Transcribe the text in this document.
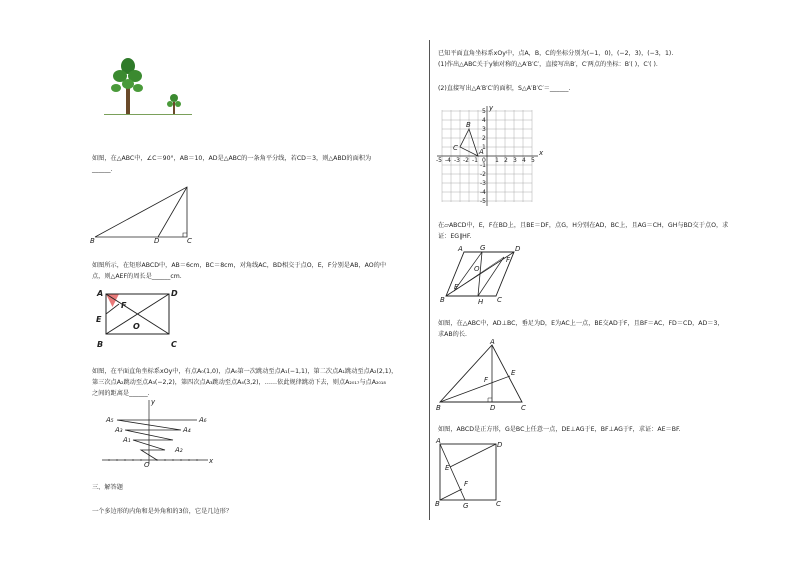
如图，在△ABC中，∠C＝90°，AB＝10，AD是△ABC的一条角平分线，若CD＝3，则△ABD的面积为
______.
B	D	C
如图所示，在矩形ABCD中，AB＝6cm，BC＝8cm，对角线AC，BD相交于点O，E，F分别是AB，AO的中
点，则△AEF的周长是______cm.
A	D
F
E
O
B	C
如图，在平面直角坐标系xOy中，有点A₀(1,0)，点A₀第一次跳动至点A₁(−1,1)，第二次点A₁跳动至点A₂(2,1)，
第三次点A₂跳动至点A₃(−2,2)，第四次点A₃跳动至点A₄(3,2)，……依此规律跳动下去，则点A₂₀₁₇与点A₂₀₁₈
之间的距离是______.
A₅	A₆
A₃	A₄
A₁
A₂
y
x
O
三、解答题
一个多边形的内角和是外角和的3倍，它是几边形？
已知平面直角坐标系xOy中，点A，B，C的坐标分别为(−1，0)，(−2，3)，(−3，1).
(1)作出△ABC关于y轴对称的△A′B′C′，直接写出B′，C′两点的坐标：B′( )，C′( ).
(2)直接写出△A′B′C′的面积，S△A′B′C′＝______.
B
C	A
y
x
-5 -4 -3 -2 -1 0 1 2 3 4 5
5
4
3
2
1
-1
-2
-3
-4
-5
在▱ABCD中，E，F在BD上，且BE＝DF，点G，H分别在AD，BC上，且AG＝CH，GH与BD交于点O，求
证：EG∥HF.
A G	D
F
O
E
B	H C
如图，在△ABC中，AD⊥BC，垂足为D，E为AC上一点，BE交AD于F，且BF＝AC，FD＝CD，AD＝3，
求AB的长.
A
E
F
B	D	C
如图，ABCD是正方形，G是BC上任意一点，DE⊥AG于E，BF⊥AG于F，求证：AE＝BF.
A	D
E
F
B	G	C
